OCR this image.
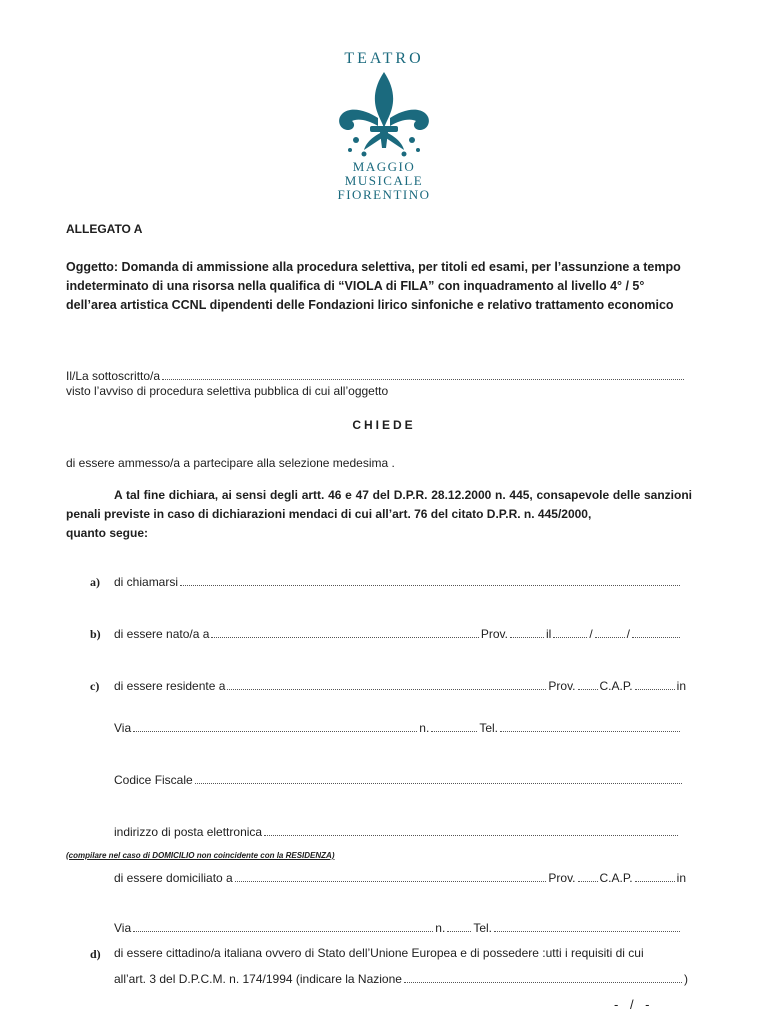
TEATRO
MAGGIO
MUSICALE
FIORENTINO
ALLEGATO A
Oggetto: Domanda di ammissione alla procedura selettiva, per titoli ed esami, per l’assunzione a tempo indeterminato di una risorsa nella qualifica di “VIOLA di FILA” con inquadramento al livello 4° / 5° dell’area artistica CCNL dipendenti delle Fondazioni lirico sinfoniche e relativo trattamento economico
Il/La sottoscritto/a
visto l’avviso di procedura selettiva pubblica di cui all’oggetto
CHIEDE
di essere ammesso/a a partecipare alla selezione medesima .
A tal fine dichiara, ai sensi degli artt. 46 e 47 del D.P.R. 28.12.2000 n. 445, consapevole delle sanzioni penali previste in caso di dichiarazioni mendaci di cui all’art. 76 del citato D.P.R. n. 445/2000,
quanto segue:
a) di chiamarsi
b) di essere nato/a a	Prov.	il	/	/
c) di essere residente a	Prov. C.A.P.	in
Via	n.	Tel.
Codice Fiscale
indirizzo di posta elettronica
(compilare nel caso di DOMICILIO non coincidente con la RESIDENZA)
di essere domiciliato a	Prov. C.A.P.	in
Via	n. Tel.
d) di essere cittadino/a italiana ovvero di Stato dell’Unione Europea e di possedere :utti i requisiti di cui
all’art. 3 del D.P.C.M. n. 174/1994 (indicare la Nazione	)
- / -
